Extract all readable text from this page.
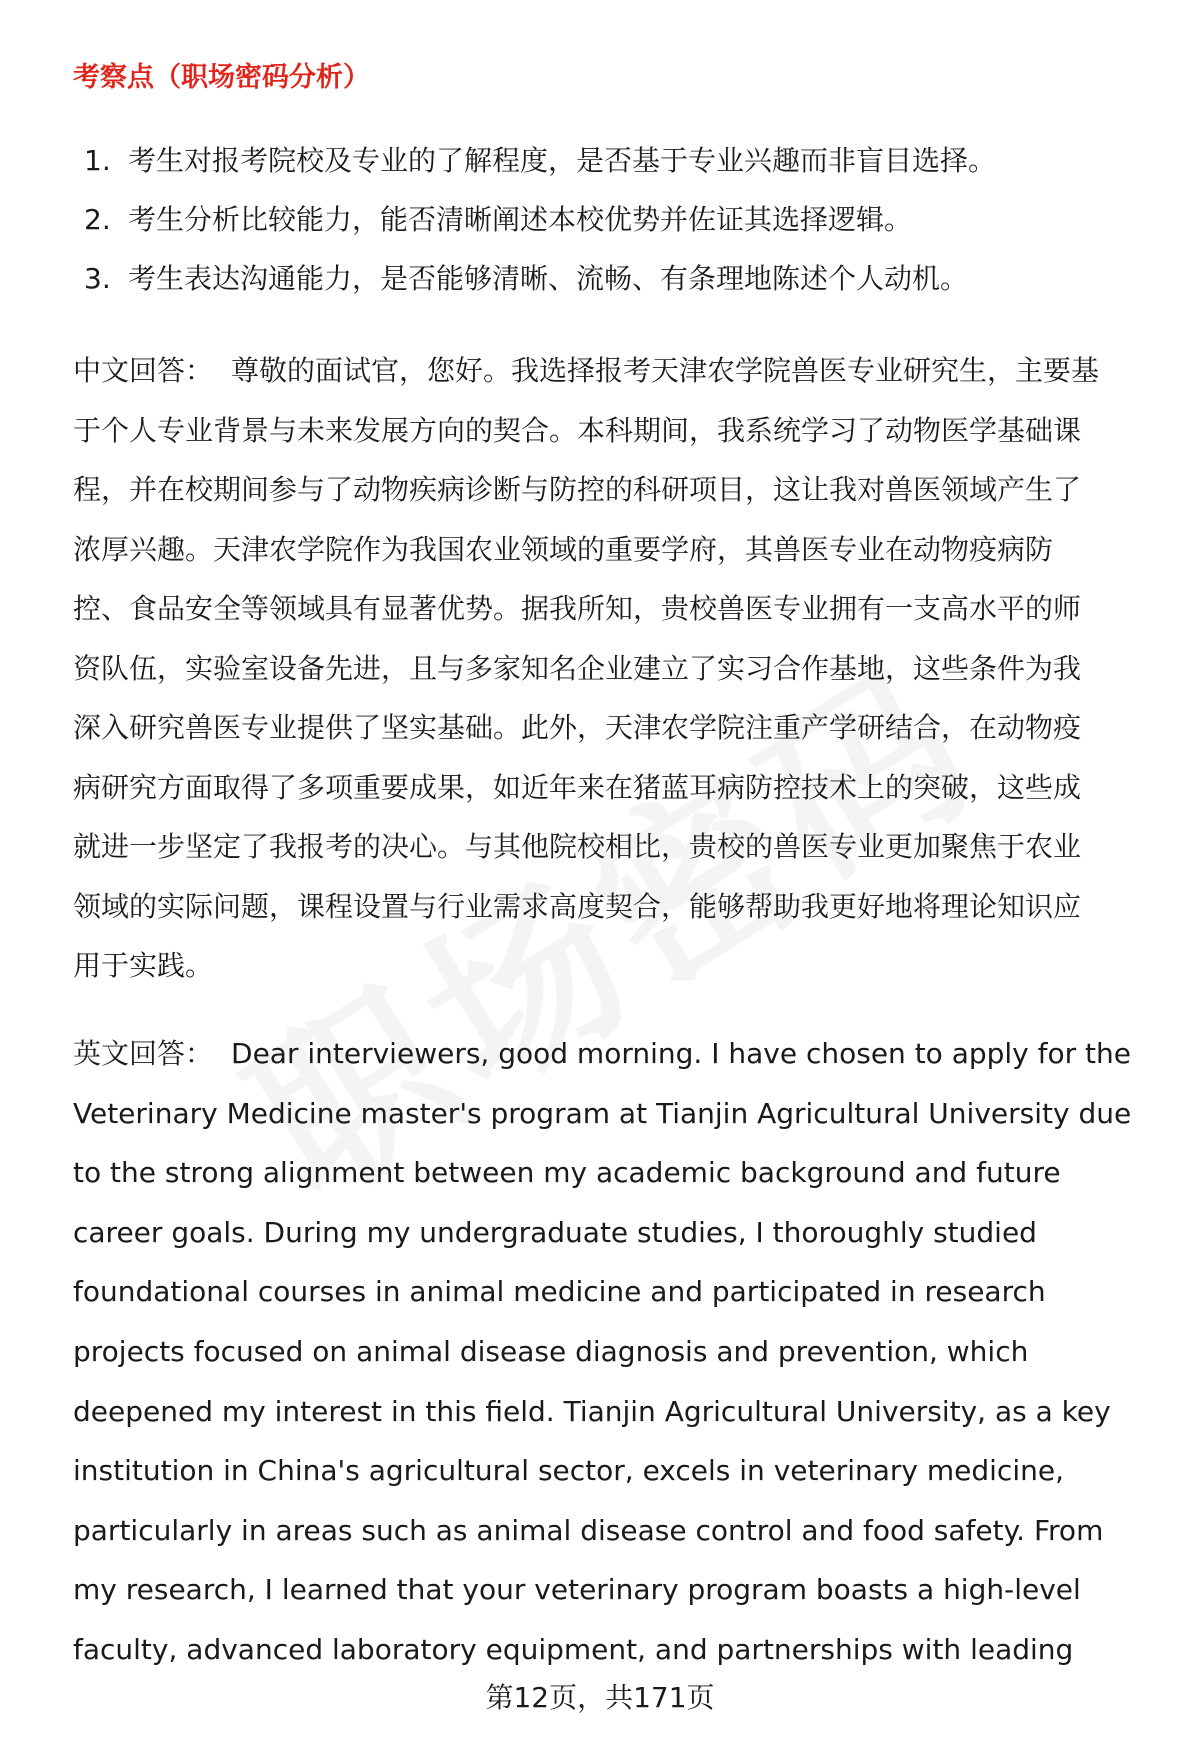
考察点（职场密码分析）
1. 考生对报考院校及专业的了解程度，是否基于专业兴趣而非盲目选择。
2. 考生分析比较能力，能否清晰阐述本校优势并佐证其选择逻辑。
3. 考生表达沟通能力，是否能够清晰、流畅、有条理地陈述个人动机。
中文回答： 尊敬的面试官，您好。我选择报考天津农学院兽医专业研究生，主要基
于个人专业背景与未来发展方向的契合。本科期间，我系统学习了动物医学基础课
程，并在校期间参与了动物疾病诊断与防控的科研项目，这让我对兽医领域产生了
浓厚兴趣。天津农学院作为我国农业领域的重要学府，其兽医专业在动物疫病防
控、食品安全等领域具有显著优势。据我所知，贵校兽医专业拥有一支高水平的师
资队伍，实验室设备先进，且与多家知名企业建立了实习合作基地，这些条件为我
深入研究兽医专业提供了坚实基础。此外，天津农学院注重产学研结合，在动物疫
病研究方面取得了多项重要成果，如近年来在猪蓝耳病防控技术上的突破，这些成
就进一步坚定了我报考的决心。与其他院校相比，贵校的兽医专业更加聚焦于农业
领域的实际问题，课程设置与行业需求高度契合，能够帮助我更好地将理论知识应
用于实践。
英文回答： Dear interviewers, good morning. I have chosen to apply for the
Veterinary Medicine master's program at Tianjin Agricultural University due
to the strong alignment between my academic background and future
career goals. During my undergraduate studies, I thoroughly studied
foundational courses in animal medicine and participated in research
projects focused on animal disease diagnosis and prevention, which
deepened my interest in this field. Tianjin Agricultural University, as a key
institution in China's agricultural sector, excels in veterinary medicine,
particularly in areas such as animal disease control and food safety. From
my research, I learned that your veterinary program boasts a high-level
faculty, advanced laboratory equipment, and partnerships with leading
第12页，共171页
